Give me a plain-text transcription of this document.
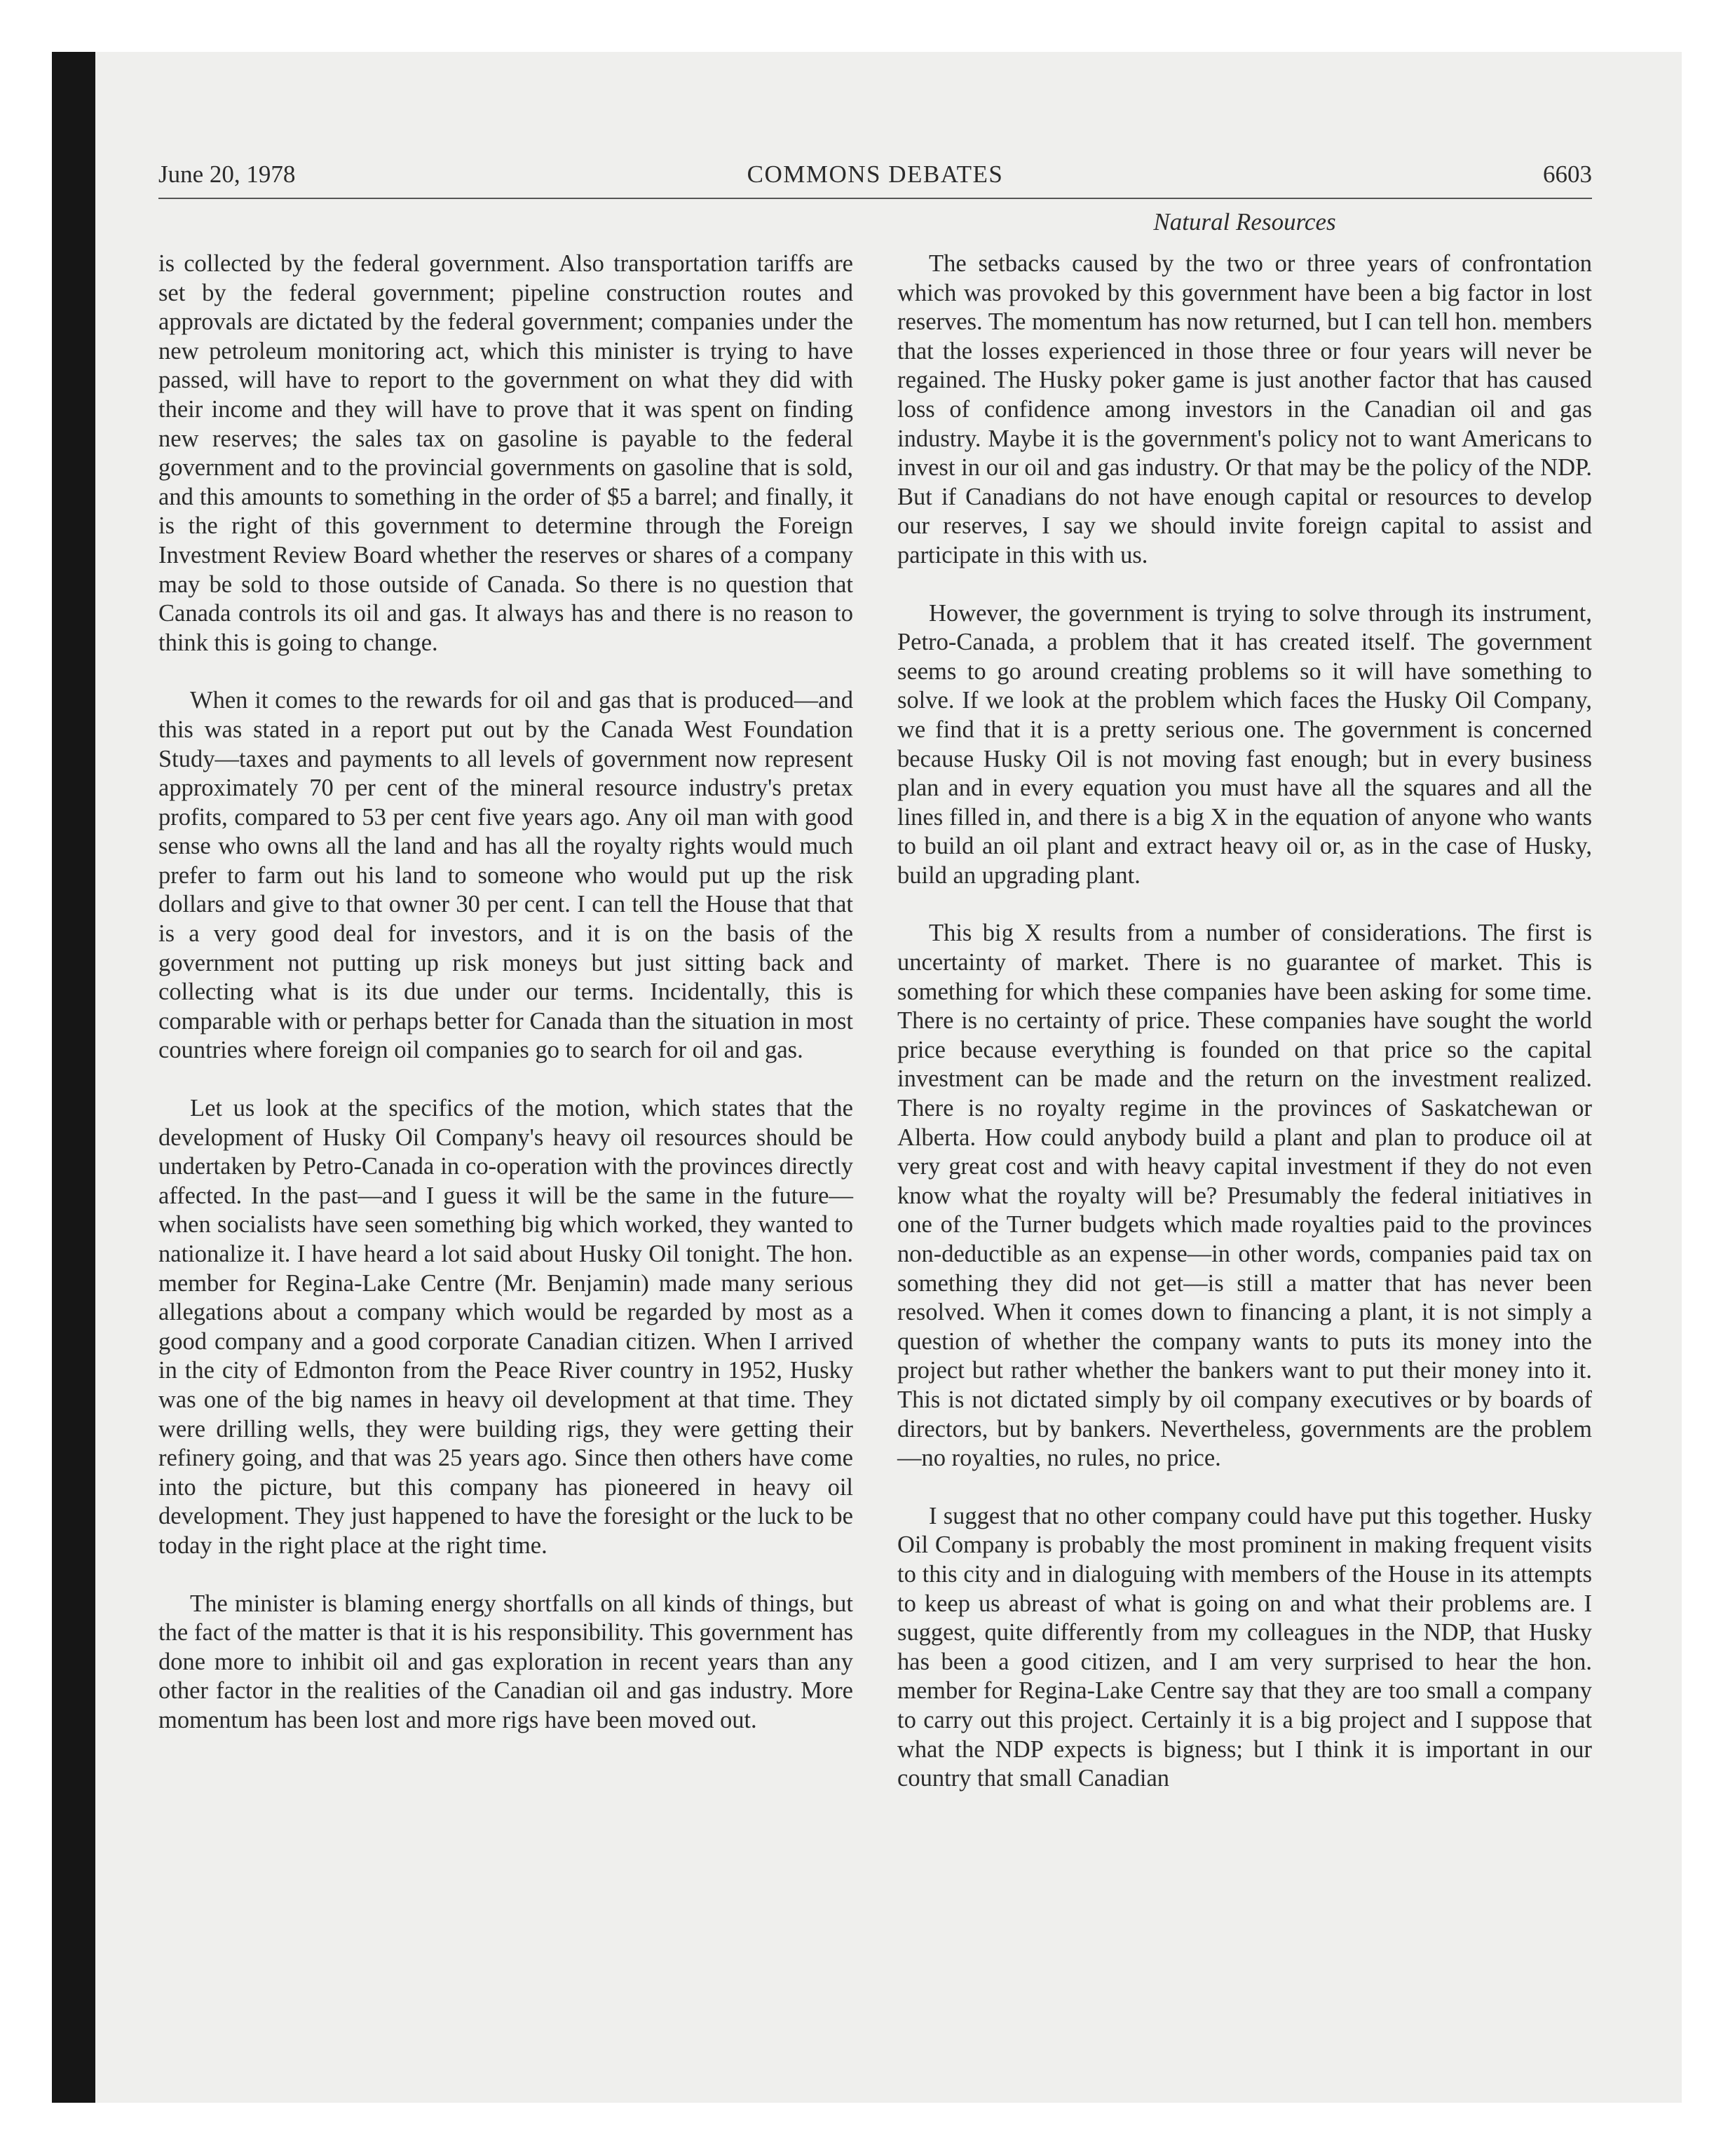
June 20, 1978	COMMONS DEBATES	6603
Natural Resources

is collected by the federal government. Also transportation tariffs are set by the federal government; pipeline construction routes and approvals are dictated by the federal government; companies under the new petroleum monitoring act, which this minister is trying to have passed, will have to report to the government on what they did with their income and they will have to prove that it was spent on finding new reserves; the sales tax on gasoline is payable to the federal government and to the provincial governments on gasoline that is sold, and this amounts to something in the order of $5 a barrel; and finally, it is the right of this government to determine through the Foreign Investment Review Board whether the reserves or shares of a company may be sold to those outside of Canada. So there is no question that Canada controls its oil and gas. It always has and there is no reason to think this is going to change.

When it comes to the rewards for oil and gas that is produced—and this was stated in a report put out by the Canada West Foundation Study—taxes and payments to all levels of government now represent approximately 70 per cent of the mineral resource industry's pretax profits, compared to 53 per cent five years ago. Any oil man with good sense who owns all the land and has all the royalty rights would much prefer to farm out his land to someone who would put up the risk dollars and give to that owner 30 per cent. I can tell the House that that is a very good deal for investors, and it is on the basis of the government not putting up risk moneys but just sitting back and collecting what is its due under our terms. Incidentally, this is comparable with or perhaps better for Canada than the situation in most countries where foreign oil companies go to search for oil and gas.

Let us look at the specifics of the motion, which states that the development of Husky Oil Company's heavy oil resources should be undertaken by Petro-Canada in co-operation with the provinces directly affected. In the past—and I guess it will be the same in the future—when socialists have seen something big which worked, they wanted to nationalize it. I have heard a lot said about Husky Oil tonight. The hon. member for Regina-Lake Centre (Mr. Benjamin) made many serious allegations about a company which would be regarded by most as a good company and a good corporate Canadian citizen. When I arrived in the city of Edmonton from the Peace River country in 1952, Husky was one of the big names in heavy oil development at that time. They were drilling wells, they were building rigs, they were getting their refinery going, and that was 25 years ago. Since then others have come into the picture, but this company has pioneered in heavy oil development. They just happened to have the foresight or the luck to be today in the right place at the right time.

The minister is blaming energy shortfalls on all kinds of things, but the fact of the matter is that it is his responsibility. This government has done more to inhibit oil and gas exploration in recent years than any other factor in the realities of the Canadian oil and gas industry. More momentum has been lost and more rigs have been moved out.

The setbacks caused by the two or three years of confrontation which was provoked by this government have been a big factor in lost reserves. The momentum has now returned, but I can tell hon. members that the losses experienced in those three or four years will never be regained. The Husky poker game is just another factor that has caused loss of confidence among investors in the Canadian oil and gas industry. Maybe it is the government's policy not to want Americans to invest in our oil and gas industry. Or that may be the policy of the NDP. But if Canadians do not have enough capital or resources to develop our reserves, I say we should invite foreign capital to assist and participate in this with us.

However, the government is trying to solve through its instrument, Petro-Canada, a problem that it has created itself. The government seems to go around creating problems so it will have something to solve. If we look at the problem which faces the Husky Oil Company, we find that it is a pretty serious one. The government is concerned because Husky Oil is not moving fast enough; but in every business plan and in every equation you must have all the squares and all the lines filled in, and there is a big X in the equation of anyone who wants to build an oil plant and extract heavy oil or, as in the case of Husky, build an upgrading plant.

This big X results from a number of considerations. The first is uncertainty of market. There is no guarantee of market. This is something for which these companies have been asking for some time. There is no certainty of price. These companies have sought the world price because everything is founded on that price so the capital investment can be made and the return on the investment realized. There is no royalty regime in the provinces of Saskatchewan or Alberta. How could anybody build a plant and plan to produce oil at very great cost and with heavy capital investment if they do not even know what the royalty will be? Presumably the federal initiatives in one of the Turner budgets which made royalties paid to the provinces non-deductible as an expense—in other words, companies paid tax on something they did not get—is still a matter that has never been resolved. When it comes down to financing a plant, it is not simply a question of whether the company wants to puts its money into the project but rather whether the bankers want to put their money into it. This is not dictated simply by oil company executives or by boards of directors, but by bankers. Nevertheless, governments are the problem—no royalties, no rules, no price.

I suggest that no other company could have put this together. Husky Oil Company is probably the most prominent in making frequent visits to this city and in dialoguing with members of the House in its attempts to keep us abreast of what is going on and what their problems are. I suggest, quite differently from my colleagues in the NDP, that Husky has been a good citizen, and I am very surprised to hear the hon. member for Regina-Lake Centre say that they are too small a company to carry out this project. Certainly it is a big project and I suppose that what the NDP expects is bigness; but I think it is important in our country that small Canadian
